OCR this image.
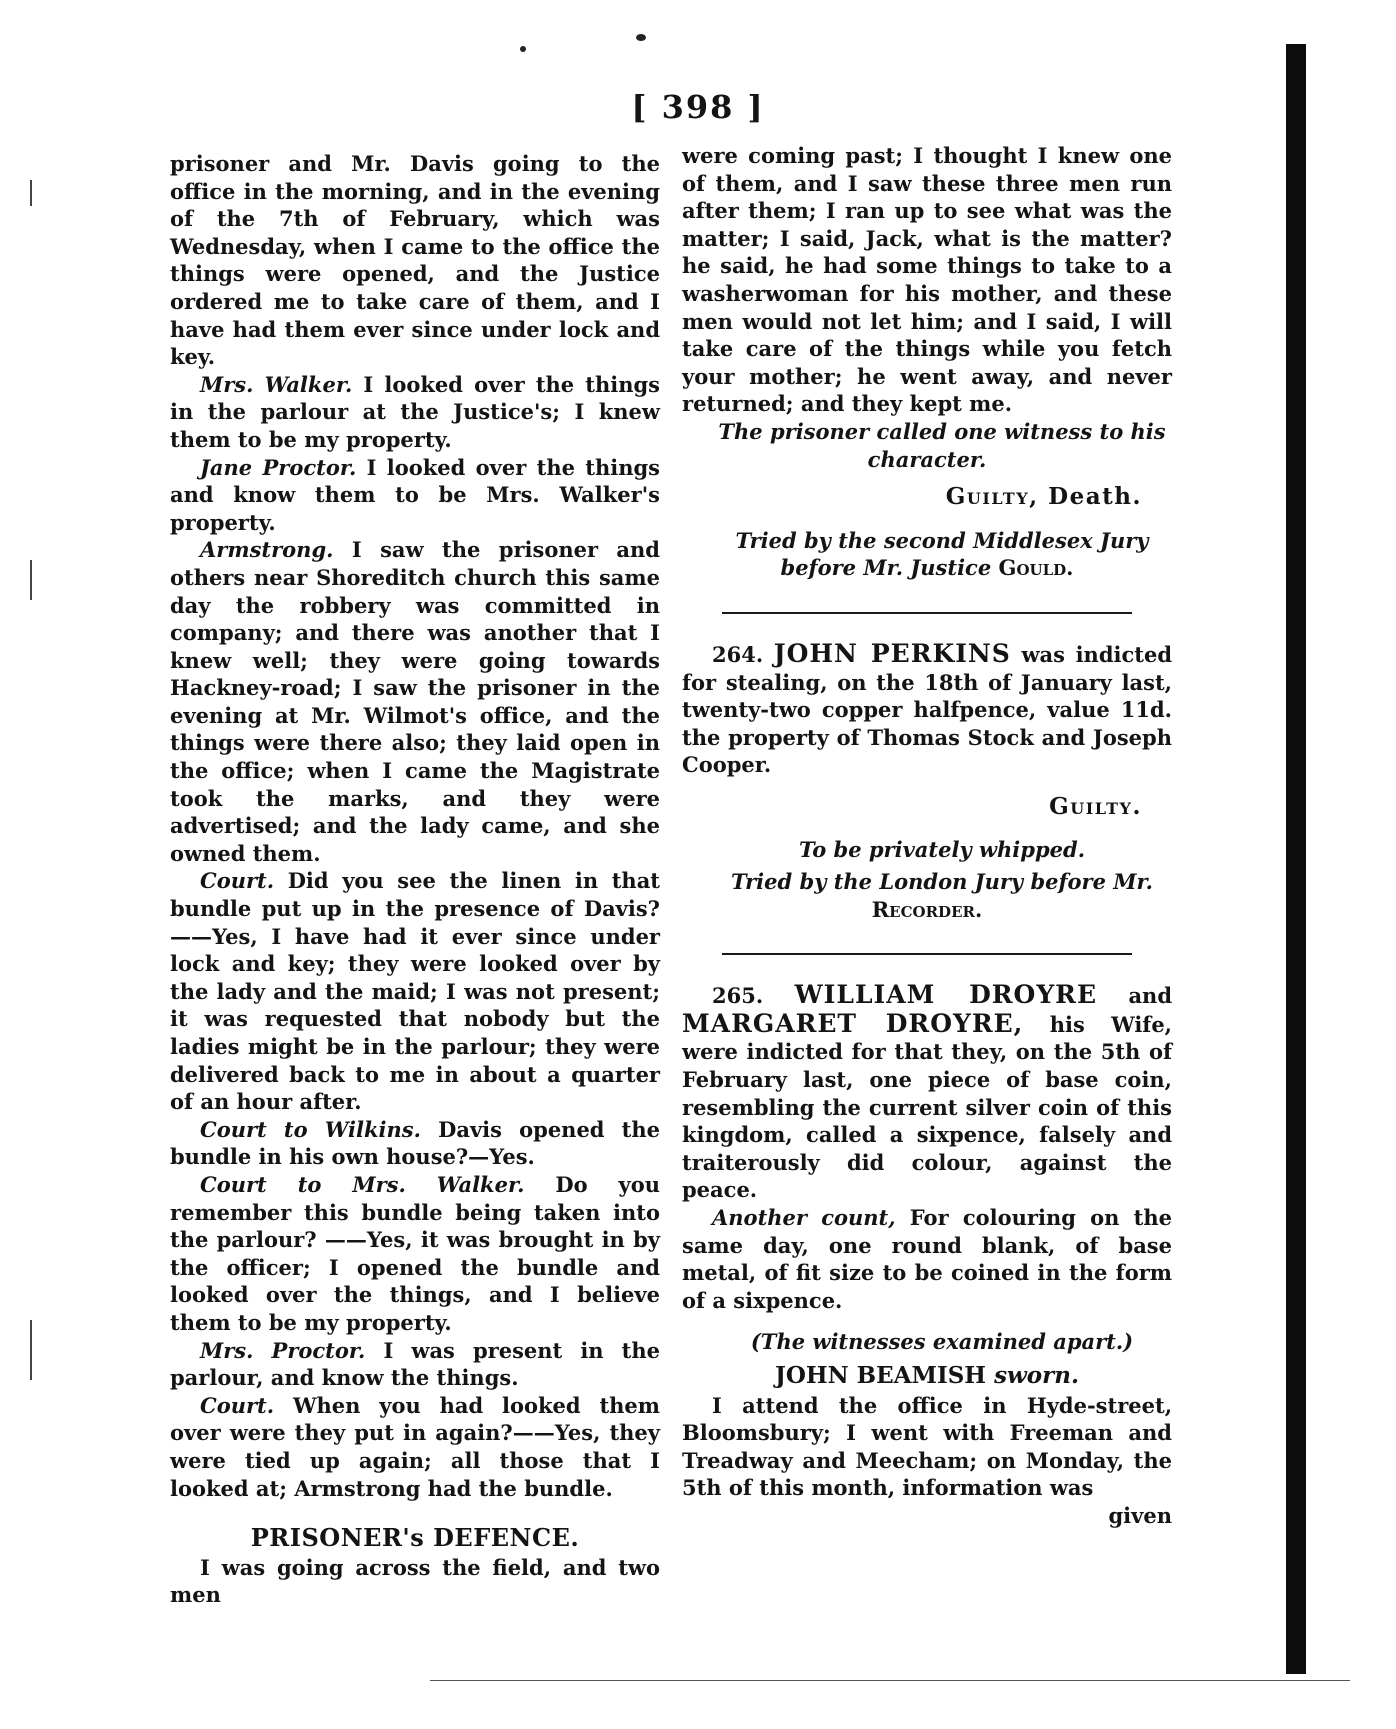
[ 398 ]

prisoner and Mr. Davis going to the office in the morning, and in the evening of the 7th of February, which was Wednesday, when I came to the office the things were opened, and the Justice ordered me to take care of them, and I have had them ever since under lock and key.

Mrs. Walker. I looked over the things in the parlour at the Justice's; I knew them to be my property.

Jane Proctor. I looked over the things and know them to be Mrs. Walker's property.

Armstrong. I saw the prisoner and others near Shoreditch church this same day the robbery was committed in company; and there was another that I knew well; they were going towards Hackney-road; I saw the prisoner in the evening at Mr. Wilmot's office, and the things were there also; they laid open in the office; when I came the Magistrate took the marks, and they were advertised; and the lady came, and she owned them.

Court. Did you see the linen in that bundle put up in the presence of Davis? ——Yes, I have had it ever since under lock and key; they were looked over by the lady and the maid; I was not present; it was requested that nobody but the ladies might be in the parlour; they were delivered back to me in about a quarter of an hour after.

Court to Wilkins. Davis opened the bundle in his own house?—Yes.

Court to Mrs. Walker. Do you remember this bundle being taken into the parlour? ——Yes, it was brought in by the officer; I opened the bundle and looked over the things, and I believe them to be my property.

Mrs. Proctor. I was present in the parlour, and know the things.

Court. When you had looked them over were they put in again?——Yes, they were tied up again; all those that I looked at; Armstrong had the bundle.

PRISONER's DEFENCE.

I was going across the field, and two men

were coming past; I thought I knew one of them, and I saw these three men run after them; I ran up to see what was the matter; I said, Jack, what is the matter? he said, he had some things to take to a washerwoman for his mother, and these men would not let him; and I said, I will take care of the things while you fetch your mother; he went away, and never returned; and they kept me.

The prisoner called one witness to his character.

Guilty, Death.

Tried by the second Middlesex Jury before Mr. Justice Gould.

264. JOHN PERKINS was indicted for stealing, on the 18th of January last, twenty-two copper halfpence, value 11d. the property of Thomas Stock and Joseph Cooper.

Guilty.

To be privately whipped.

Tried by the London Jury before Mr. Recorder.

265. WILLIAM DROYRE and MARGARET DROYRE, his Wife, were indicted for that they, on the 5th of February last, one piece of base coin, resembling the current silver coin of this kingdom, called a sixpence, falsely and traiterously did colour, against the peace.

Another count, For colouring on the same day, one round blank, of base metal, of fit size to be coined in the form of a sixpence.

(The witnesses examined apart.)

JOHN BEAMISH sworn.

I attend the office in Hyde-street, Bloomsbury; I went with Freeman and Treadway and Meecham; on Monday, the 5th of this month, information was

given
